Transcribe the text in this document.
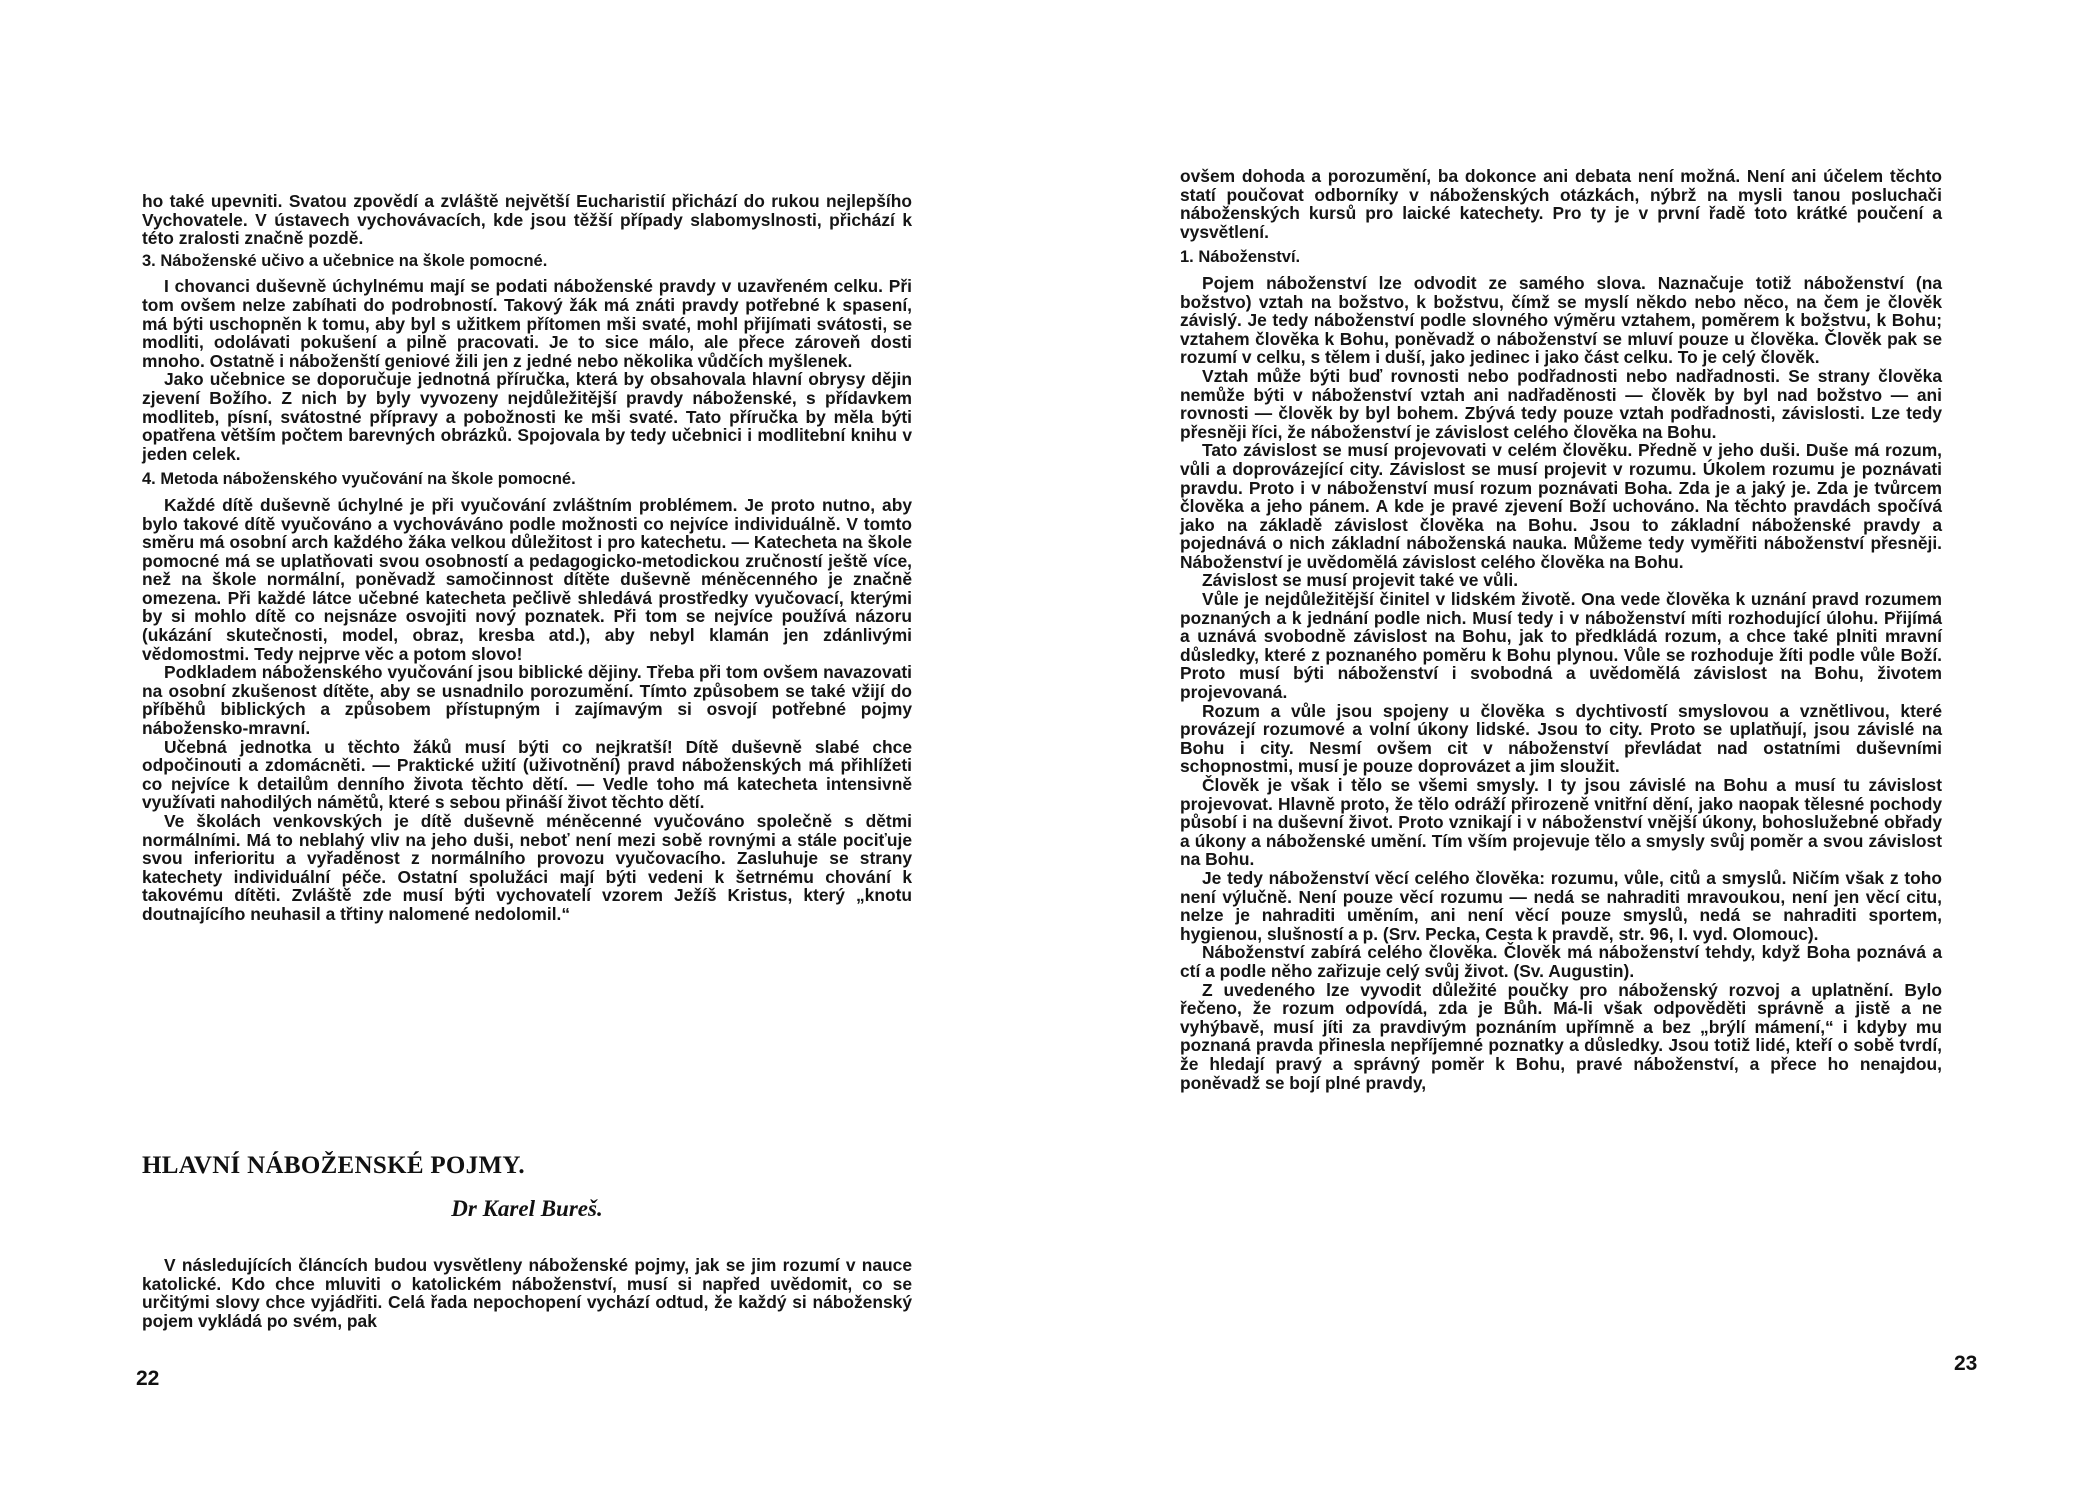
ho také upevniti. Svatou zpovědí a zvláště největší Eucharistií přichází do rukou nejlepšího Vychovatele. V ústavech vychovávacích, kde jsou těžší případy slabomyslnosti, přichází k této zralosti značně pozdě.

3. Náboženské učivo a učebnice na škole pomocné.

I chovanci duševně úchylnému mají se podati náboženské pravdy v uzavřeném celku. Při tom ovšem nelze zabíhati do podrobností. Takový žák má znáti pravdy potřebné k spasení, má býti uschopněn k tomu, aby byl s užitkem přítomen mši svaté, mohl přijímati svátosti, se modliti, odolávati pokušení a pilně pracovati. Je to sice málo, ale přece zároveň dosti mnoho. Ostatně i náboženští geniové žili jen z jedné nebo několika vůdčích myšlenek.

Jako učebnice se doporučuje jednotná příručka, která by obsahovala hlavní obrysy dějin zjevení Božího. Z nich by byly vyvozeny nejdůležitější pravdy náboženské, s přídavkem modliteb, písní, svátostné přípravy a pobožnosti ke mši svaté. Tato příručka by měla býti opatřena větším počtem barevných obrázků. Spojovala by tedy učebnici i modlitební knihu v jeden celek.

4. Metoda náboženského vyučování na škole pomocné.

Každé dítě duševně úchylné je při vyučování zvláštním problémem. Je proto nutno, aby bylo takové dítě vyučováno a vychováváno podle možnosti co nejvíce individuálně. V tomto směru má osobní arch každého žáka velkou důležitost i pro katechetu. — Katecheta na škole pomocné má se uplatňovati svou osobností a pedagogicko-metodickou zručností ještě více, než na škole normální, poněvadž samočinnost dítěte duševně méněcenného je značně omezena. Při každé látce učebné katecheta pečlivě shledává prostředky vyučovací, kterými by si mohlo dítě co nejsnáze osvojiti nový poznatek. Při tom se nejvíce používá názoru (ukázání skutečnosti, model, obraz, kresba atd.), aby nebyl klamán jen zdánlivými vědomostmi. Tedy nejprve věc a potom slovo!

Podkladem náboženského vyučování jsou biblické dějiny. Třeba při tom ovšem navazovati na osobní zkušenost dítěte, aby se usnadnilo porozumění. Tímto způsobem se také vžijí do příběhů biblických a způsobem přístupným i zajímavým si osvojí potřebné pojmy nábožensko-mravní.

Učebná jednotka u těchto žáků musí býti co nejkratší! Dítě duševně slabé chce odpočinouti a zdomácněti. — Praktické užití (uživotnění) pravd náboženských má přihlížeti co nejvíce k detailům denního života těchto dětí. — Vedle toho má katecheta intensivně využívati nahodilých námětů, které s sebou přináší život těchto dětí.

Ve školách venkovských je dítě duševně méněcenné vyučováno společně s dětmi normálními. Má to neblahý vliv na jeho duši, neboť není mezi sobě rovnými a stále pociťuje svou inferioritu a vyřaděnost z normálního provozu vyučovacího. Zasluhuje se strany katechety individuální péče. Ostatní spolužáci mají býti vedeni k šetrnému chování k takovému dítěti. Zvláště zde musí býti vychovatelí vzorem Ježíš Kristus, který „knotu doutnajícího neuhasil a třtiny nalomené nedolomil.“

HLAVNÍ NÁBOŽENSKÉ POJMY.
Dr Karel Bureš.

V následujících článcích budou vysvětleny náboženské pojmy, jak se jim rozumí v nauce katolické. Kdo chce mluviti o katolickém náboženství, musí si napřed uvědomit, co se určitými slovy chce vyjádřiti. Celá řada nepochopení vychází odtud, že každý si náboženský pojem vykládá po svém, pak

22

ovšem dohoda a porozumění, ba dokonce ani debata není možná. Není ani účelem těchto statí poučovat odborníky v náboženských otázkách, nýbrž na mysli tanou posluchači náboženských kursů pro laické katechety. Pro ty je v první řadě toto krátké poučení a vysvětlení.

1. Náboženství.

Pojem náboženství lze odvodit ze samého slova. Naznačuje totiž náboženství (na božstvo) vztah na božstvo, k božstvu, čímž se myslí někdo nebo něco, na čem je člověk závislý. Je tedy náboženství podle slovného výměru vztahem, poměrem k božstvu, k Bohu; vztahem člověka k Bohu, poněvadž o náboženství se mluví pouze u člověka. Člověk pak se rozumí v celku, s tělem i duší, jako jedinec i jako část celku. To je celý člověk.

Vztah může býti buď rovnosti nebo podřadnosti nebo nadřadnosti. Se strany člověka nemůže býti v náboženství vztah ani nadřaděnosti — člověk by byl nad božstvo — ani rovnosti — člověk by byl bohem. Zbývá tedy pouze vztah podřadnosti, závislosti. Lze tedy přesněji říci, že náboženství je závislost celého člověka na Bohu.

Tato závislost se musí projevovati v celém člověku. Předně v jeho duši. Duše má rozum, vůli a doprovázející city. Závislost se musí projevit v rozumu. Úkolem rozumu je poznávati pravdu. Proto i v náboženství musí rozum poznávati Boha. Zda je a jaký je. Zda je tvůrcem člověka a jeho pánem. A kde je pravé zjevení Boží uchováno. Na těchto pravdách spočívá jako na základě závislost člověka na Bohu. Jsou to základní náboženské pravdy a pojednává o nich základní náboženská nauka. Můžeme tedy vyměřiti náboženství přesněji. Náboženství je uvědomělá závislost celého člověka na Bohu.

Závislost se musí projevit také ve vůli.

Vůle je nejdůležitější činitel v lidském životě. Ona vede člověka k uznání pravd rozumem poznaných a k jednání podle nich. Musí tedy i v náboženství míti rozhodující úlohu. Přijímá a uznává svobodně závislost na Bohu, jak to předkládá rozum, a chce také plniti mravní důsledky, které z poznaného poměru k Bohu plynou. Vůle se rozhoduje žíti podle vůle Boží. Proto musí býti náboženství i svobodná a uvědomělá závislost na Bohu, životem projevovaná.

Rozum a vůle jsou spojeny u člověka s dychtivostí smyslovou a vznětlivou, které provázejí rozumové a volní úkony lidské. Jsou to city. Proto se uplatňují, jsou závislé na Bohu i city. Nesmí ovšem cit v náboženství převládat nad ostatními duševními schopnostmi, musí je pouze doprovázet a jim sloužit.

Člověk je však i tělo se všemi smysly. I ty jsou závislé na Bohu a musí tu závislost projevovat. Hlavně proto, že tělo odráží přirozeně vnitřní dění, jako naopak tělesné pochody působí i na duševní život. Proto vznikají i v náboženství vnější úkony, bohoslužebné obřady a úkony a náboženské umění. Tím vším projevuje tělo a smysly svůj poměr a svou závislost na Bohu.

Je tedy náboženství věcí celého člověka: rozumu, vůle, citů a smyslů. Ničím však z toho není výlučně. Není pouze věcí rozumu — nedá se nahraditi mravoukou, není jen věcí citu, nelze je nahraditi uměním, ani není věcí pouze smyslů, nedá se nahraditi sportem, hygienou, slušností a p. (Srv. Pecka, Cesta k pravdě, str. 96, I. vyd. Olomouc).

Náboženství zabírá celého člověka. Člověk má náboženství tehdy, když Boha poznává a ctí a podle něho zařizuje celý svůj život. (Sv. Augustin).

Z uvedeného lze vyvodit důležité poučky pro náboženský rozvoj a uplatnění. Bylo řečeno, že rozum odpovídá, zda je Bůh. Má-li však odpověděti správně a jistě a ne vyhýbavě, musí jíti za pravdivým poznáním upřímně a bez „brýlí mámení,“ i kdyby mu poznaná pravda přinesla nepříjemné poznatky a důsledky. Jsou totiž lidé, kteří o sobě tvrdí, že hledají pravý a správný poměr k Bohu, pravé náboženství, a přece ho nenajdou, poněvadž se bojí plné pravdy,

23
